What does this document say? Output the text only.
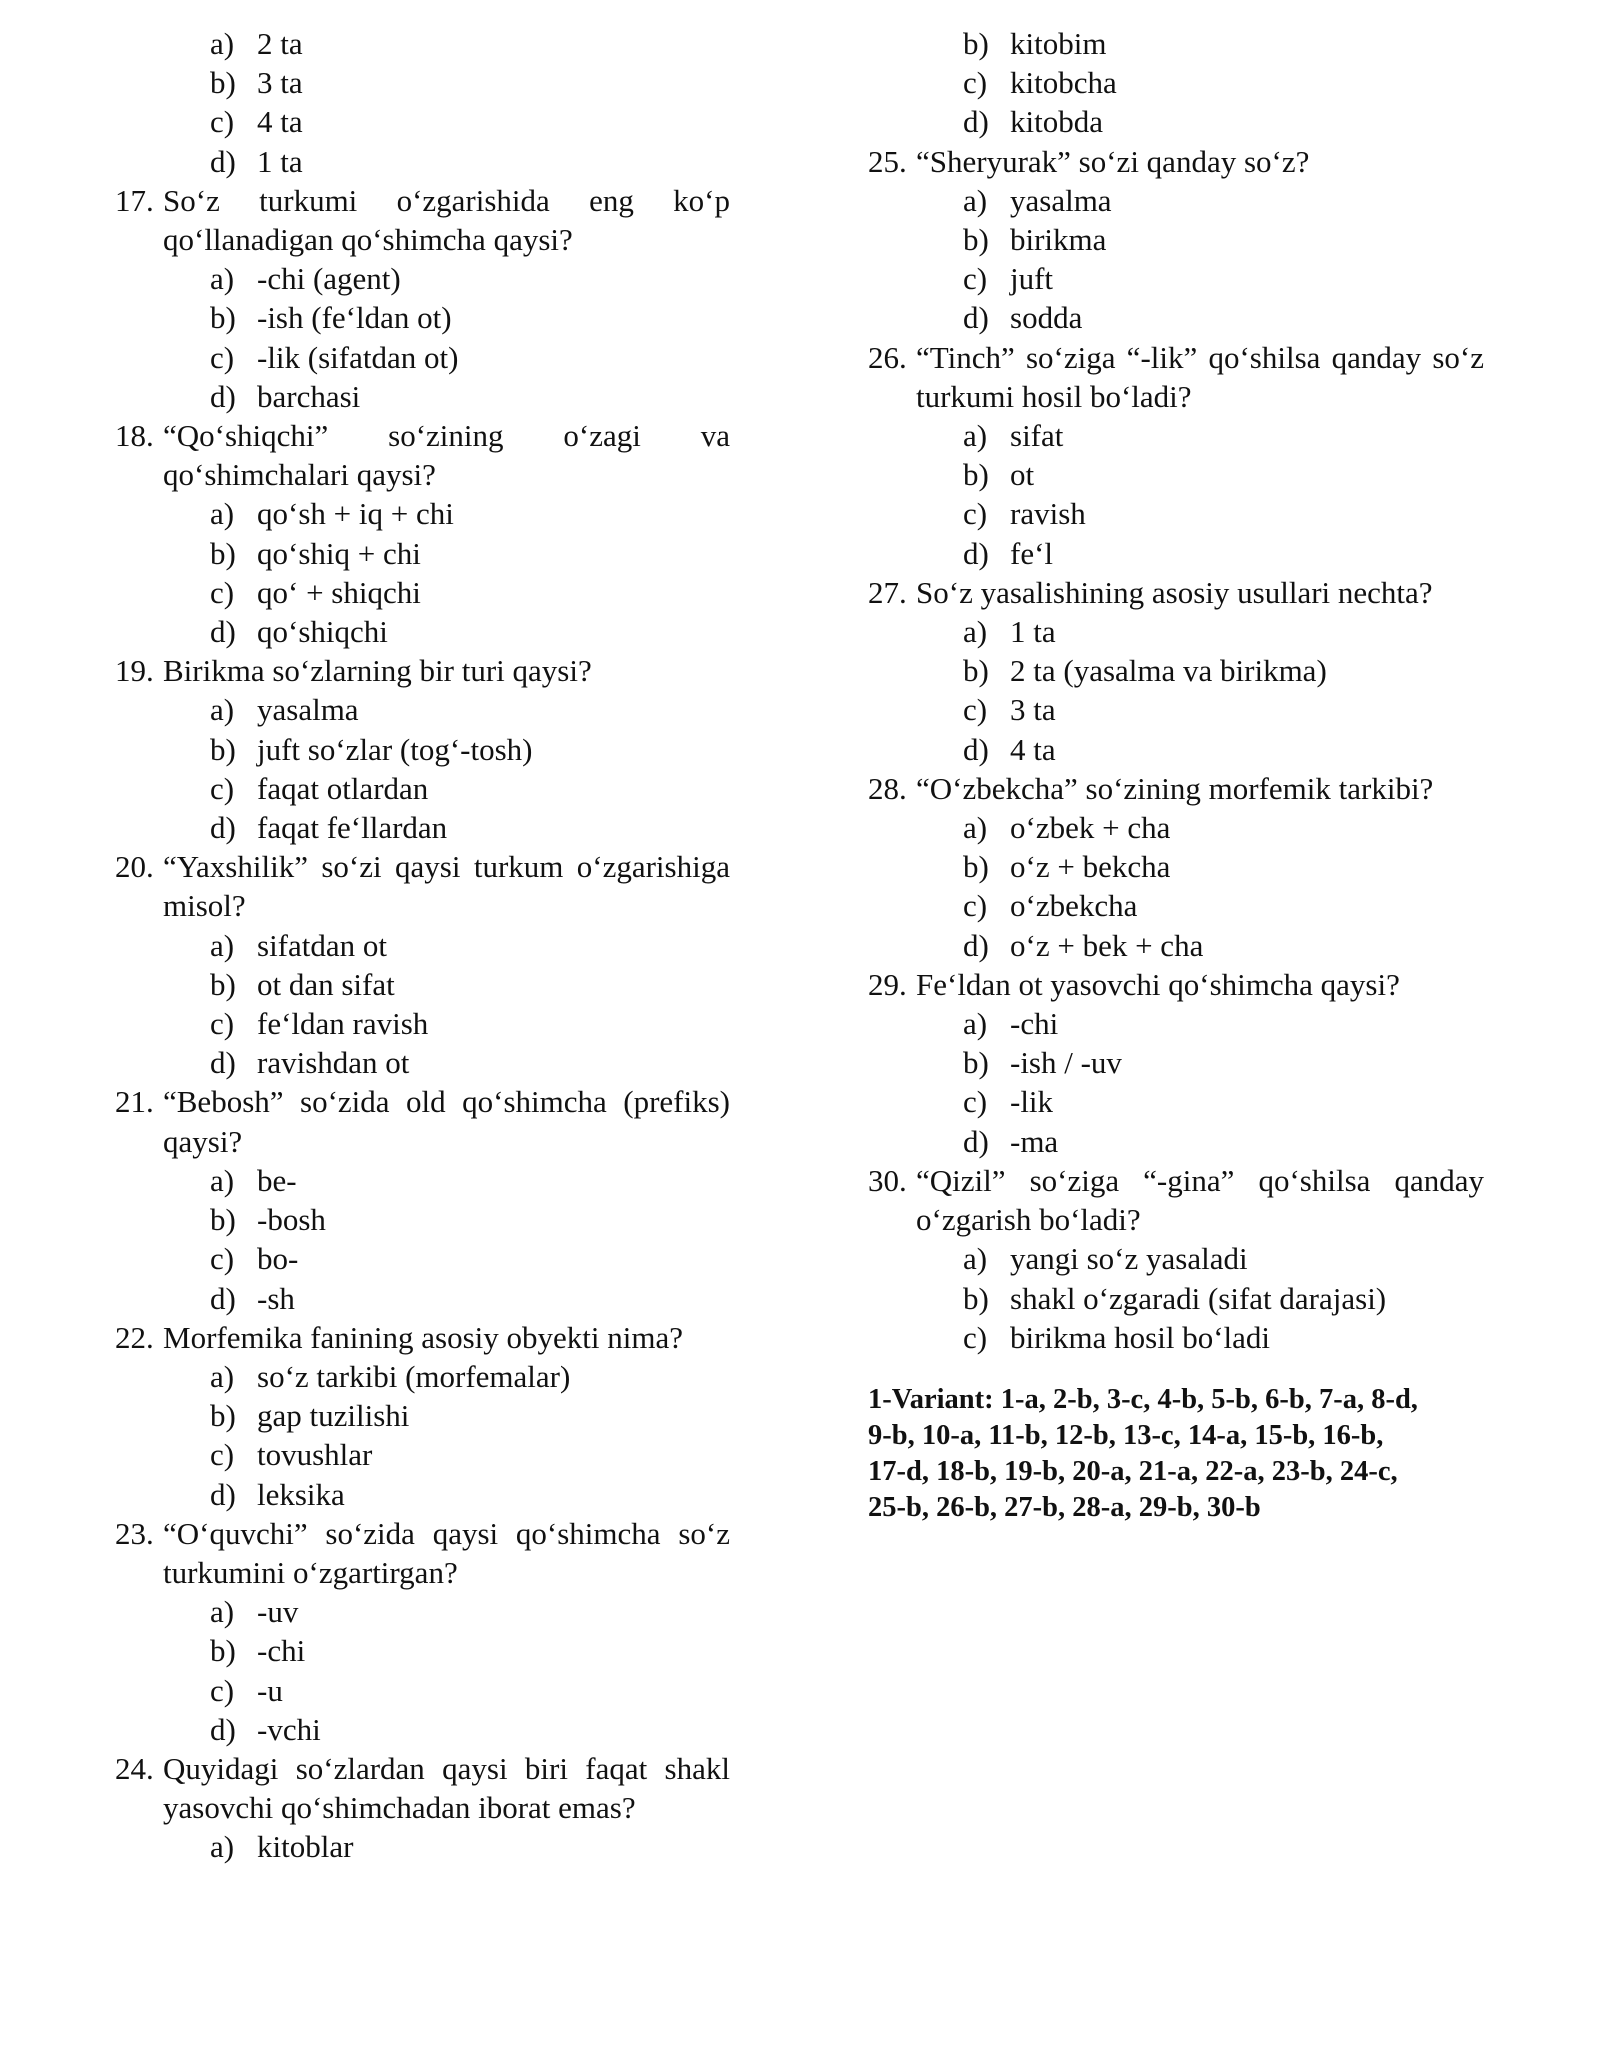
a) 2 ta
b) 3 ta
c) 4 ta
d) 1 ta
17. So‘z turkumi o‘zgarishida eng ko‘p qo‘llanadigan qo‘shimcha qaysi?
a) -chi (agent)
b) -ish (fe‘ldan ot)
c) -lik (sifatdan ot)
d) barchasi
18. “Qo‘shiqchi” so‘zining o‘zagi va qo‘shimchalari qaysi?
a) qo‘sh + iq + chi
b) qo‘shiq + chi
c) qo‘ + shiqchi
d) qo‘shiqchi
19. Birikma so‘zlarning bir turi qaysi?
a) yasalma
b) juft so‘zlar (tog‘-tosh)
c) faqat otlardan
d) faqat fe‘llardan
20. “Yaxshilik” so‘zi qaysi turkum o‘zgarishiga misol?
a) sifatdan ot
b) ot dan sifat
c) fe‘ldan ravish
d) ravishdan ot
21. “Bebosh” so‘zida old qo‘shimcha (prefiks) qaysi?
a) be-
b) -bosh
c) bo-
d) -sh
22. Morfemika fanining asosiy obyekti nima?
a) so‘z tarkibi (morfemalar)
b) gap tuzilishi
c) tovushlar
d) leksika
23. “O‘quvchi” so‘zida qaysi qo‘shimcha so‘z turkumini o‘zgartirgan?
a) -uv
b) -chi
c) -u
d) -vchi
24. Quyidagi so‘zlardan qaysi biri faqat shakl yasovchi qo‘shimchadan iborat emas?
a) kitoblar
b) kitobim
c) kitobcha
d) kitobda
25. “Sheryurak” so‘zi qanday so‘z?
a) yasalma
b) birikma
c) juft
d) sodda
26. “Tinch” so‘ziga “-lik” qo‘shilsa qanday so‘z turkumi hosil bo‘ladi?
a) sifat
b) ot
c) ravish
d) fe‘l
27. So‘z yasalishining asosiy usullari nechta?
a) 1 ta
b) 2 ta (yasalma va birikma)
c) 3 ta
d) 4 ta
28. “O‘zbekcha” so‘zining morfemik tarkibi?
a) o‘zbek + cha
b) o‘z + bekcha
c) o‘zbekcha
d) o‘z + bek + cha
29. Fe‘ldan ot yasovchi qo‘shimcha qaysi?
a) -chi
b) -ish / -uv
c) -lik
d) -ma
30. “Qizil” so‘ziga “-gina” qo‘shilsa qanday o‘zgarish bo‘ladi?
a) yangi so‘z yasaladi
b) shakl o‘zgaradi (sifat darajasi)
c) birikma hosil bo‘ladi
1-Variant: 1-a, 2-b, 3-c, 4-b, 5-b, 6-b, 7-a, 8-d,
9-b, 10-a, 11-b, 12-b, 13-c, 14-a, 15-b, 16-b,
17-d, 18-b, 19-b, 20-a, 21-a, 22-a, 23-b, 24-c,
25-b, 26-b, 27-b, 28-a, 29-b, 30-b
